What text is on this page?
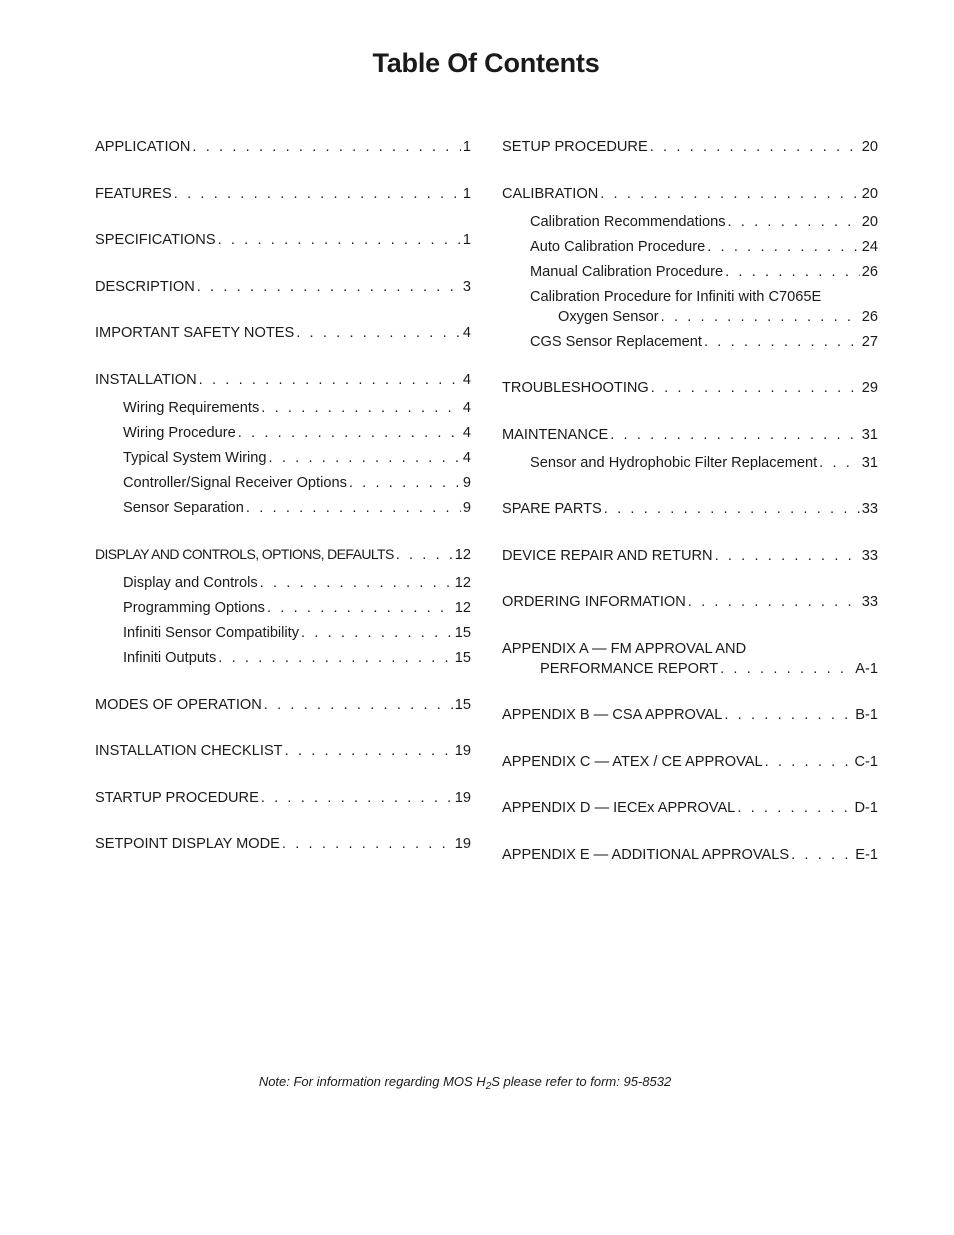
Table Of Contents
APPLICATION . . .	1
FEATURES . . .	1
SPECIFICATIONS . . .	1
DESCRIPTION . . .	3
IMPORTANT SAFETY NOTES . . .	4
INSTALLATION . . .	4
Wiring Requirements . . .	4
Wiring Procedure . . .	4
Typical System Wiring . . .	4
Controller/Signal Receiver Options . . .	9
Sensor Separation . . .	9
DISPLAY AND CONTROLS, OPTIONS, DEFAULTS . . .	12
Display and Controls . . .	12
Programming Options . . .	12
Infiniti Sensor Compatibility . . .	15
Infiniti Outputs . . .	15
MODES OF OPERATION . . .	15
INSTALLATION CHECKLIST . . .	19
STARTUP PROCEDURE . . .	19
SETPOINT DISPLAY MODE . . .	19
SETUP PROCEDURE . . .	20
CALIBRATION . . .	20
Calibration Recommendations . . .	20
Auto Calibration Procedure . . .	24
Manual Calibration Procedure . . .	26
Calibration Procedure for Infiniti with C7065E
Oxygen Sensor . . .	26
CGS Sensor Replacement . . .	27
TROUBLESHOOTING . . .	29
MAINTENANCE . . .	31
Sensor and Hydrophobic Filter Replacement . . .	31
SPARE PARTS . . .	33
DEVICE REPAIR AND RETURN . . .	33
ORDERING INFORMATION . . .	33
APPENDIX A — FM APPROVAL AND
PERFORMANCE REPORT . . .	A-1
APPENDIX B — CSA APPROVAL . . .	B-1
APPENDIX C — ATEX / CE APPROVAL . . .	C-1
APPENDIX D — IECEx APPROVAL . . .	D-1
APPENDIX E — ADDITIONAL APPROVALS . . .	E-1
Note: For information regarding MOS $H_2S$ please refer to form: 95-8532
